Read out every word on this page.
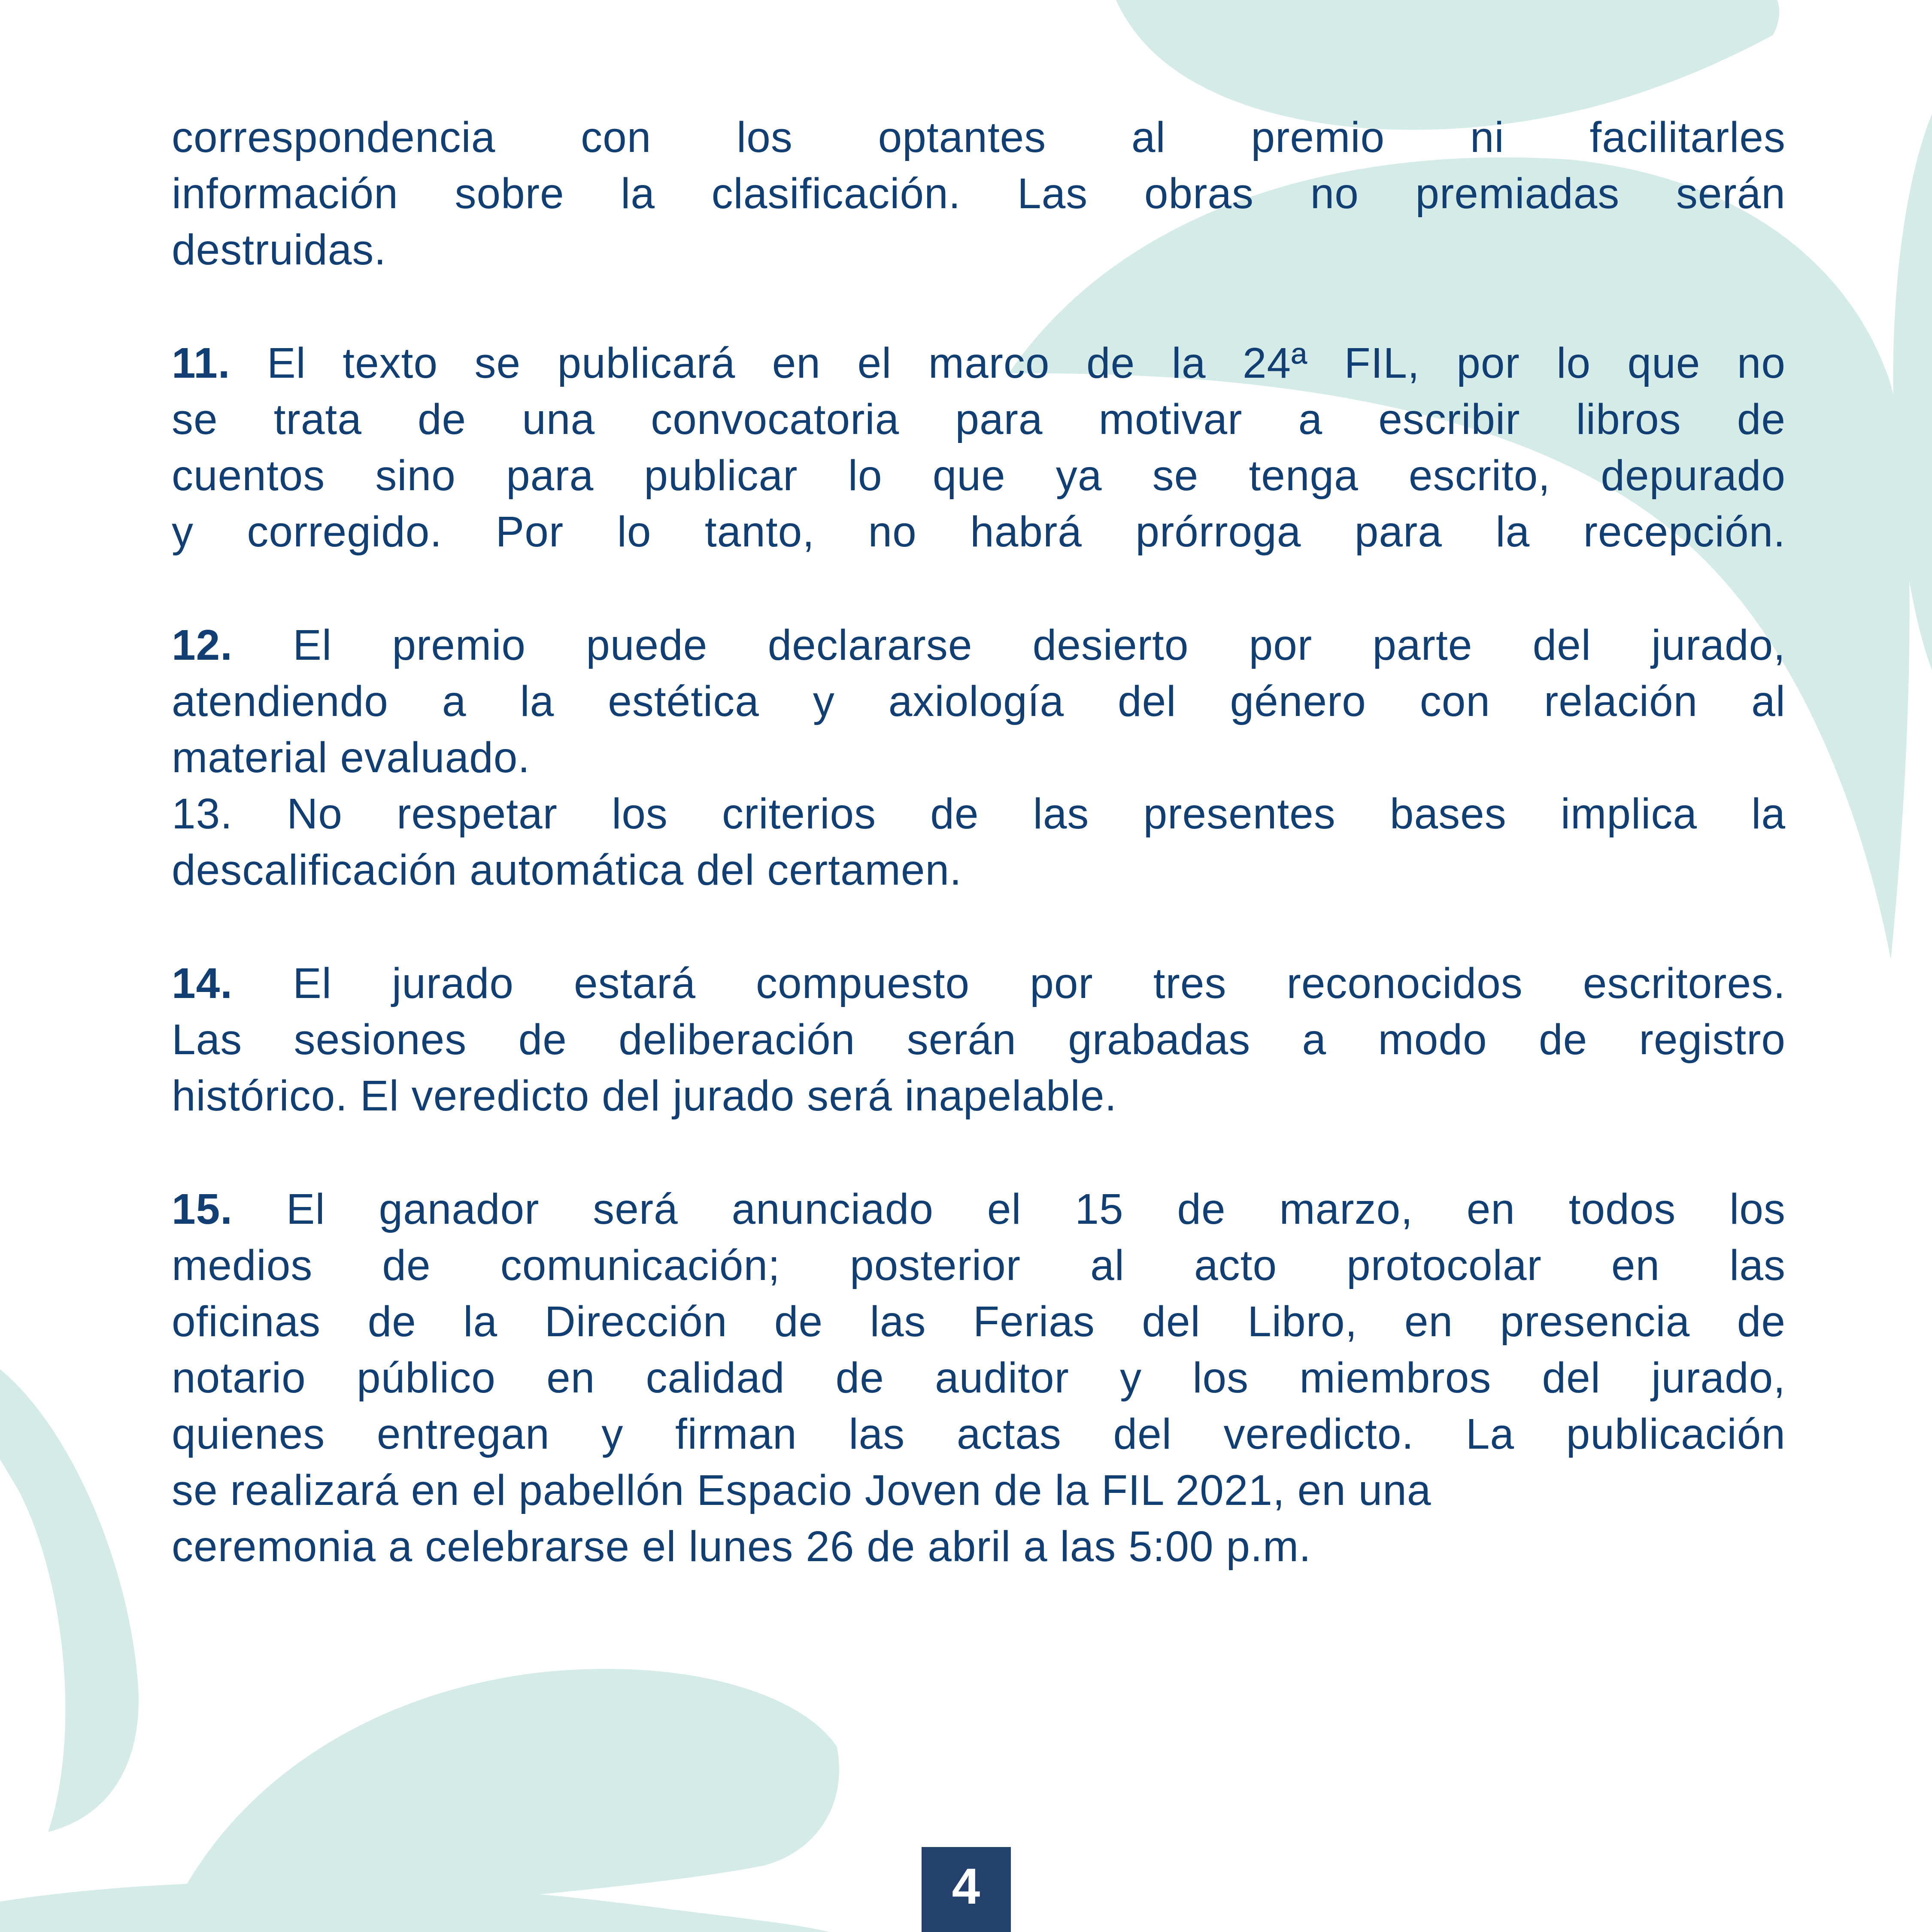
correspondencia con los optantes al premio ni facilitarles
información sobre la clasificación. Las obras no premiadas serán
destruidas.
11. El texto se publicará en el marco de la 24ª FIL, por lo que no
se trata de una convocatoria para motivar a escribir libros de
cuentos sino para publicar lo que ya se tenga escrito, depurado
y corregido. Por lo tanto, no habrá prórroga para la recepción.
12. El premio puede declararse desierto por parte del jurado,
atendiendo a la estética y axiología del género con relación al
material evaluado.
13. No respetar los criterios de las presentes bases implica la
descalificación automática del certamen.
14. El jurado estará compuesto por tres reconocidos escritores.
Las sesiones de deliberación serán grabadas a modo de registro
histórico. El veredicto del jurado será inapelable.
15. El ganador será anunciado el 15 de marzo, en todos los
medios de comunicación; posterior al acto protocolar en las
oficinas de la Dirección de las Ferias del Libro, en presencia de
notario público en calidad de auditor y los miembros del jurado,
quienes entregan y firman las actas del veredicto. La publicación
se realizará en el pabellón Espacio Joven de la FIL 2021, en una
ceremonia a celebrarse el lunes 26 de abril a las 5:00 p.m.
4
